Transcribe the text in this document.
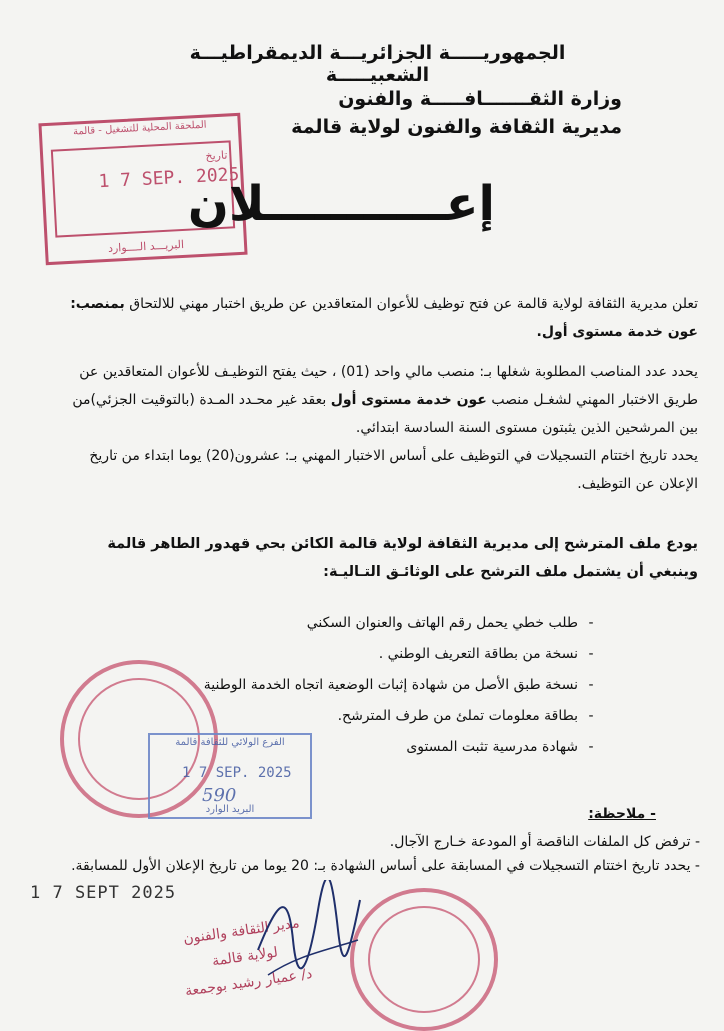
الجمهوريـــــة الجزائريـــة الديمقراطيـــة الشعبيـــــة
وزارة الثقـــــــافـــــة والفنون
مديرية الثقافة والفنون لولاية قالمة
الملحقة المحلية للتشغيل - قالمة
تاريخ
1 7 SEP. 2025
البريـــد الــــوارد
إعـــــــــــلان
تعلن مديرية الثقافة لولاية قالمة عن فتح توظيف للأعوان المتعاقدين عن طريق اختبار مهني للالتحاق بمنصب: عون خدمة مستوى أول.
يحدد عدد المناصب المطلوبة شغلها بـ: منصب مالي واحد (01) ، حيث يفتح التوظيـف للأعوان المتعاقدين عن طريق الاختبار المهني لشغـل منصب عون خدمة مستوى أول بعقد غير محـدد المـدة (بالتوقيت الجزئي)من بين المرشحين الذين يثبتون مستوى السنة السادسة ابتدائي.
يحدد تاريخ اختتام التسجيلات في التوظيف على أساس الاختبار المهني بـ: عشرون(20) يوما ابتداء من تاريخ الإعلان عن التوظيف.
يودع ملف المترشح إلى مديرية الثقافة لولاية قالمة الكائن بحي قهدور الطاهر قالمة
وينبغي أن يشتمل ملف الترشح على الوثائـق التـاليـة:
- طلب خطي يحمل رقم الهاتف والعنوان السكني
- نسخة من بطاقة التعريف الوطني .
- نسخة طبق الأصل من شهادة إثبات الوضعية اتجاه الخدمة الوطنية
- بطاقة معلومات تملئ من طرف المترشح.
- شهادة مدرسية تثبت المستوى
الفرع الولائي للثقافة قالمة
1 7 SEP. 2025
590
البريد الوارد	- ملاحظة:
- ترفض كل الملفات الناقصة أو المودعة خـارج الآجال.
- يحدد تاريخ اختتام التسجيلات في المسابقة على أساس الشهادة بـ: 20 يوما من تاريخ الإعلان الأول للمسابقة.
1 7 SEPT 2025
مدير الثقافة والفنون لولاية قالمة
د/ عميار رشيد بوجمعة
